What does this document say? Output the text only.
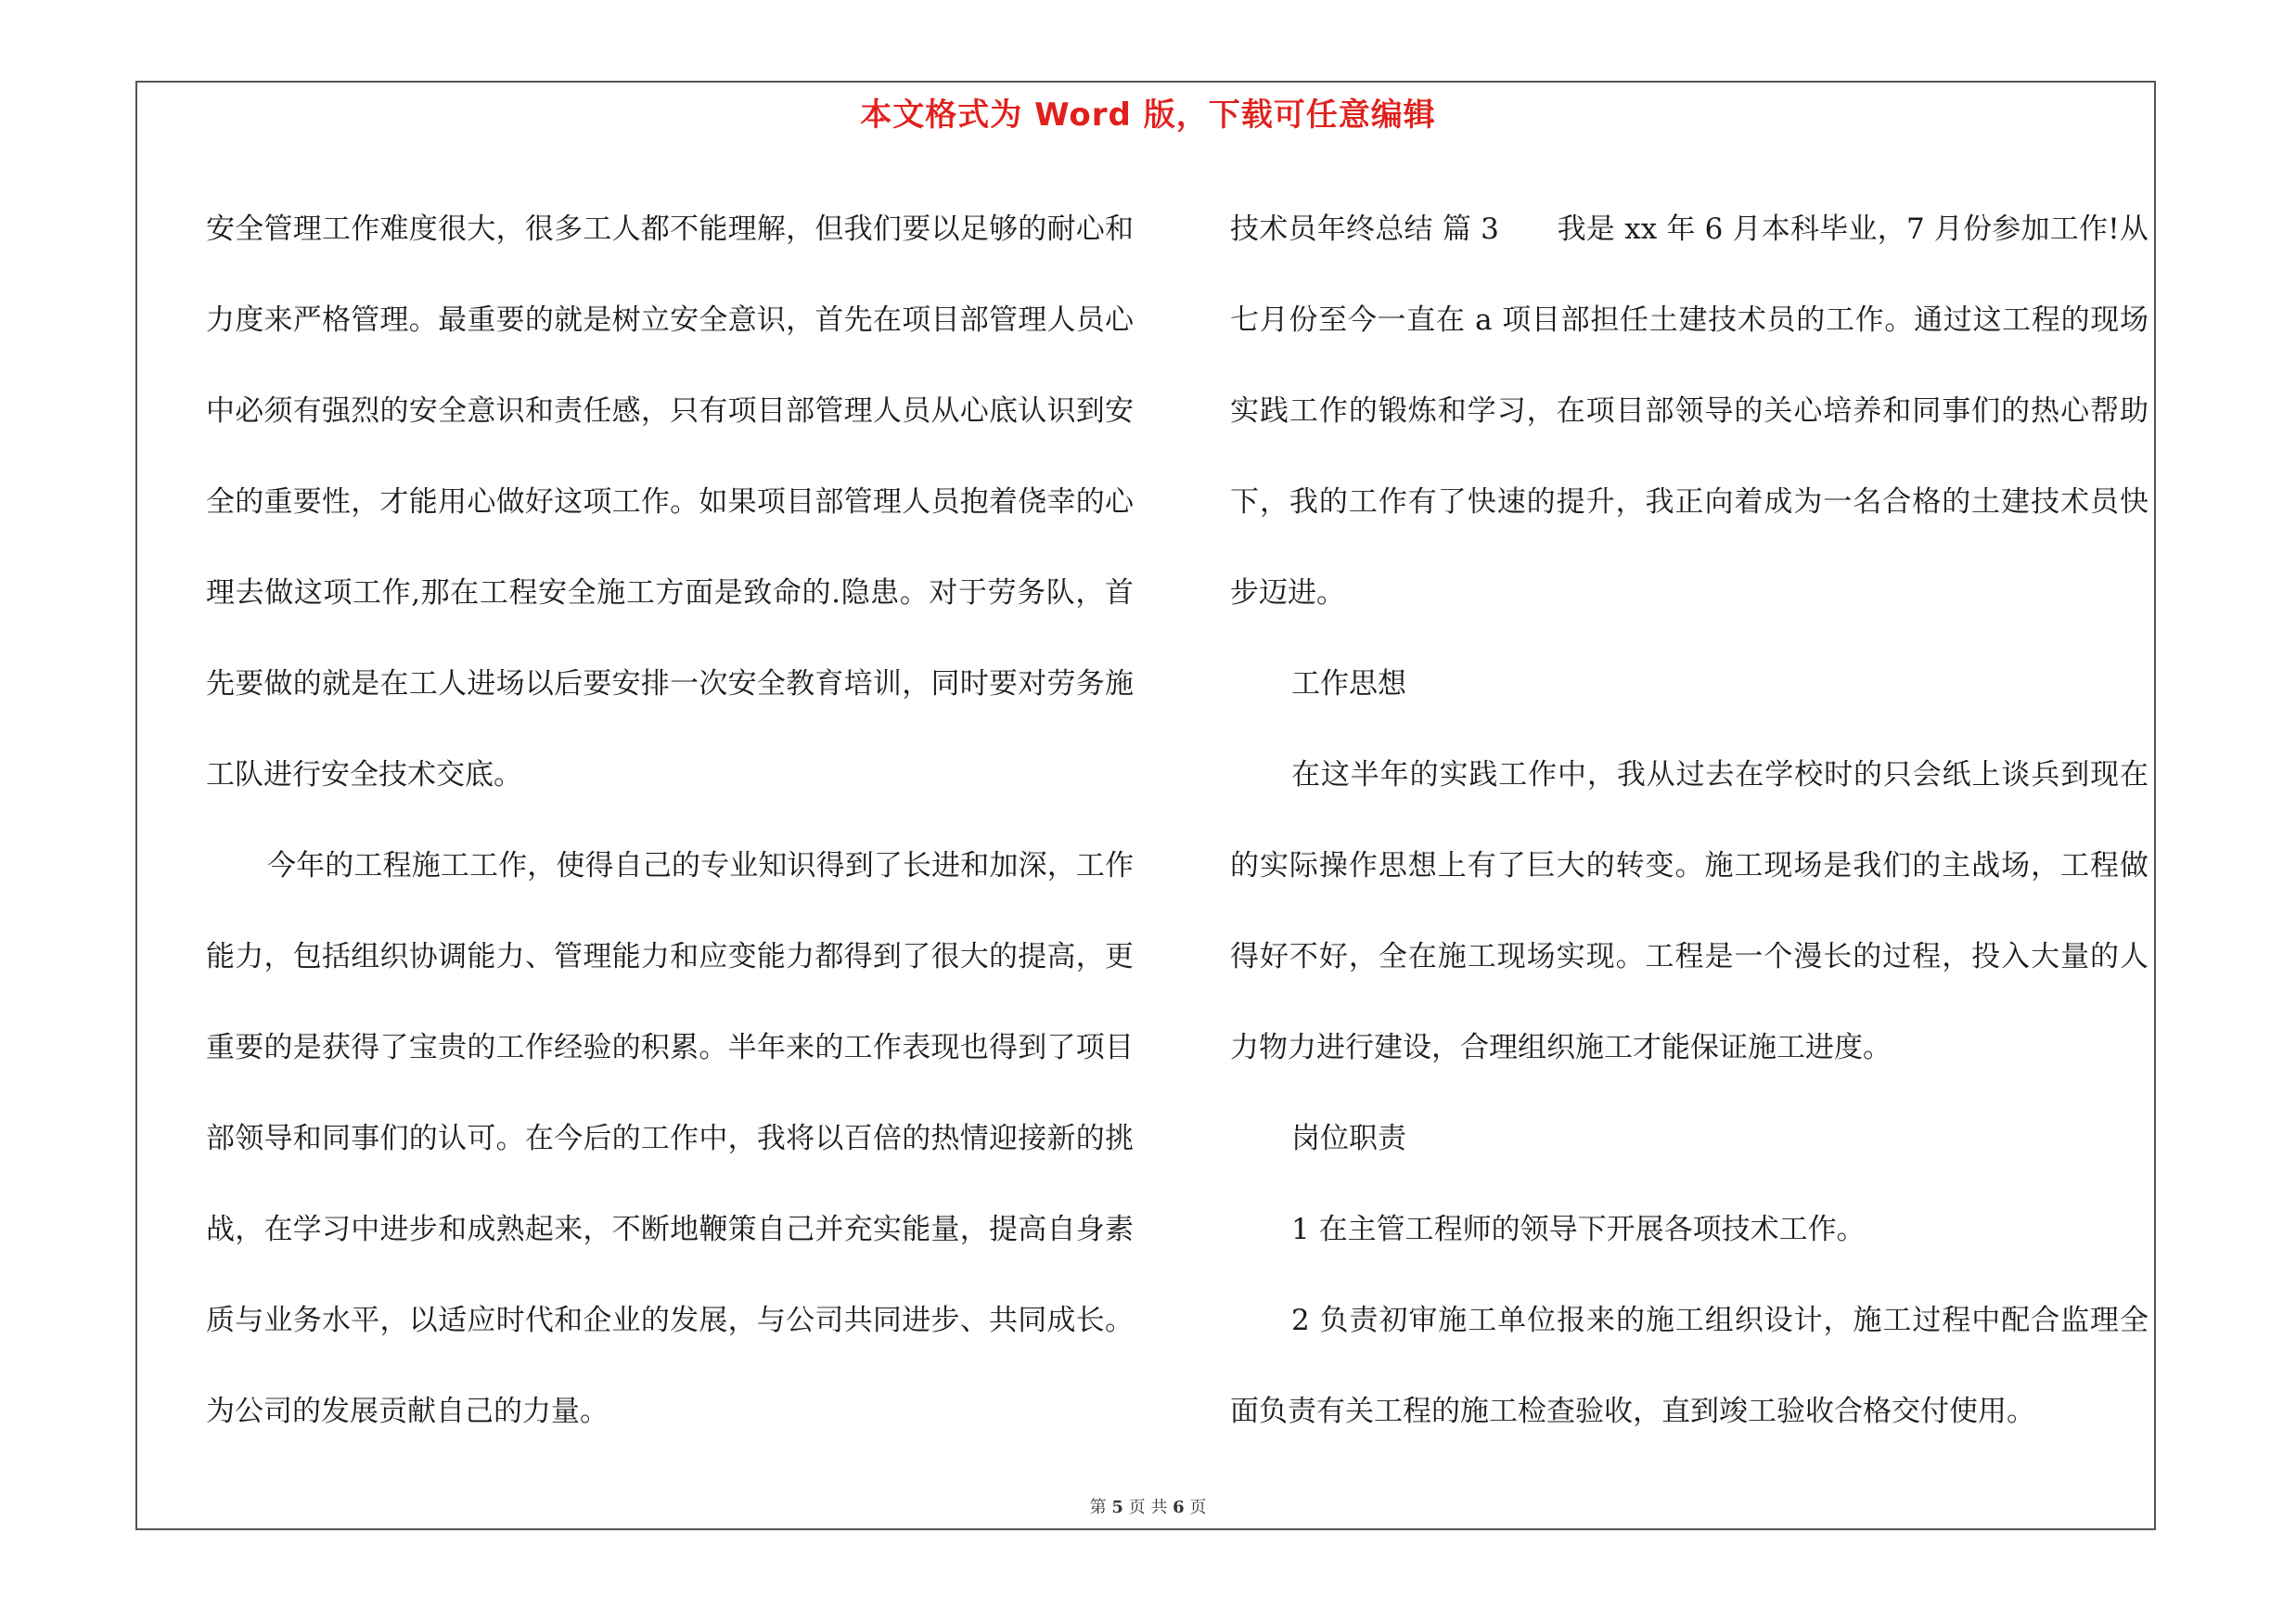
本文格式为 Word 版，下载可任意编辑

安全管理工作难度很大，很多工人都不能理解，但我们要以足够的耐心和力度来严格管理。最重要的就是树立安全意识，首先在项目部管理人员心中必须有强烈的安全意识和责任感，只有项目部管理人员从心底认识到安全的重要性，才能用心做好这项工作。如果项目部管理人员抱着侥幸的心理去做这项工作,那在工程安全施工方面是致命的.隐患。对于劳务队，首先要做的就是在工人进场以后要安排一次安全教育培训，同时要对劳务施工队进行安全技术交底。

今年的工程施工工作，使得自己的专业知识得到了长进和加深，工作能力，包括组织协调能力、管理能力和应变能力都得到了很大的提高，更重要的是获得了宝贵的工作经验的积累。半年来的工作表现也得到了项目部领导和同事们的认可。在今后的工作中，我将以百倍的热情迎接新的挑战，在学习中进步和成熟起来，不断地鞭策自己并充实能量，提高自身素质与业务水平，以适应时代和企业的发展，与公司共同进步、共同成长。为公司的发展贡献自己的力量。

技术员年终总结 篇 3　　我是 xx 年 6 月本科毕业，7 月份参加工作!从七月份至今一直在 a 项目部担任土建技术员的工作。通过这工程的现场实践工作的锻炼和学习，在项目部领导的关心培养和同事们的热心帮助下，我的工作有了快速的提升，我正向着成为一名合格的土建技术员快步迈进。

工作思想

在这半年的实践工作中，我从过去在学校时的只会纸上谈兵到现在的实际操作思想上有了巨大的转变。施工现场是我们的主战场，工程做得好不好，全在施工现场实现。工程是一个漫长的过程，投入大量的人力物力进行建设，合理组织施工才能保证施工进度。

岗位职责

1 在主管工程师的领导下开展各项技术工作。

2 负责初审施工单位报来的施工组织设计，施工过程中配合监理全面负责有关工程的施工检查验收，直到竣工验收合格交付使用。

第 5 页 共 6 页
